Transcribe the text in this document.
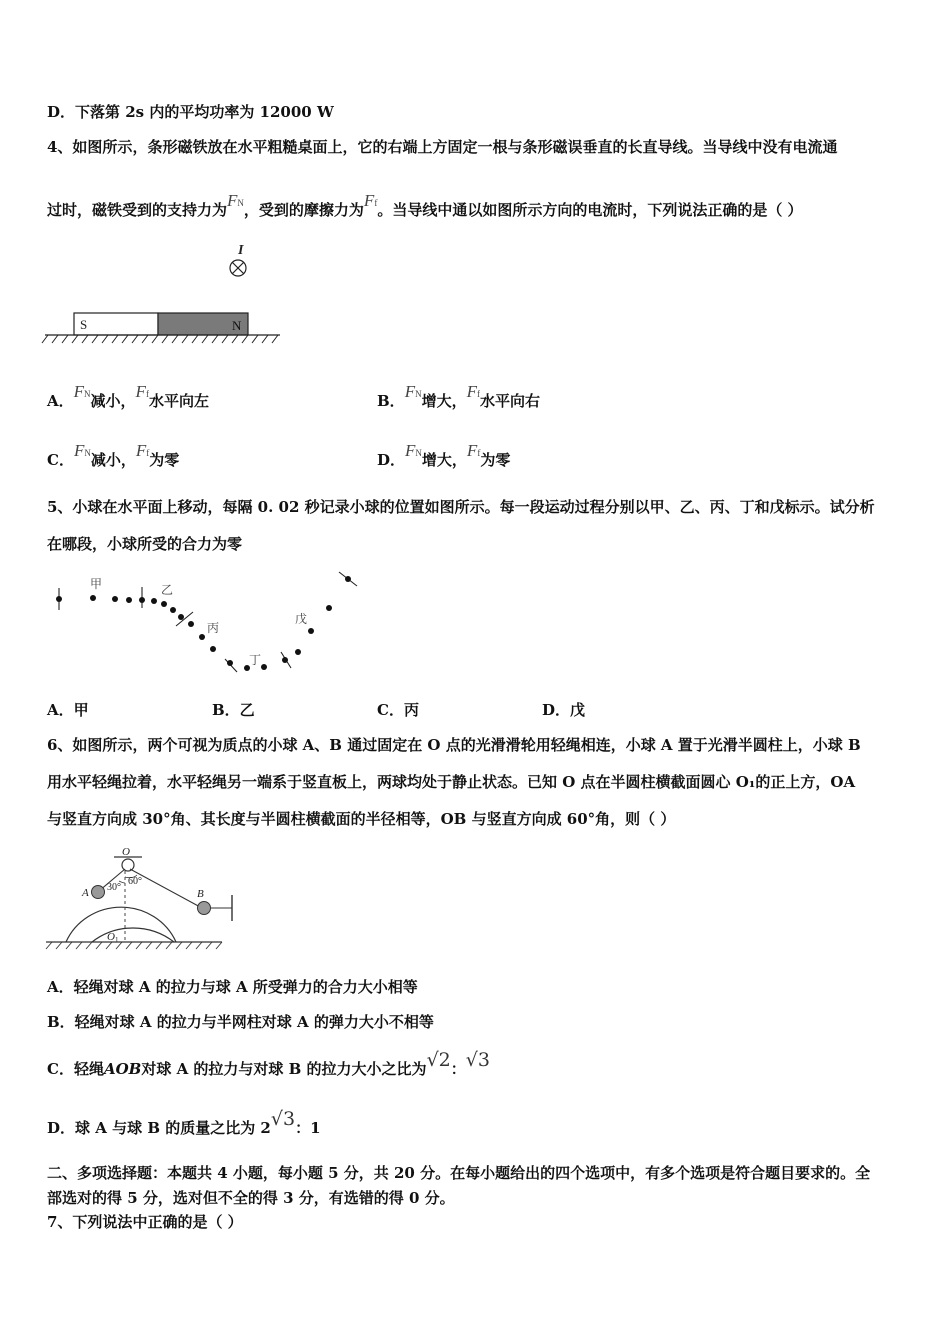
D．下落第 2s 内的平均功率为 12000 W
4、如图所示，条形磁铁放在水平粗糙桌面上，它的右端上方固定一根与条形磁误垂直的长直导线。当导线中没有电流通
过时，磁铁受到的支持力为FN，受到的摩擦力为Ff。当导线中通以如图所示方向的电流时，下列说法正确的是（ ）
I
S	N
A．FN减小，Ff水平向左	B．FN增大，Ff水平向右
C．FN减小，Ff为零	D．FN增大，Ff为零
5、小球在水平面上移动，每隔 0. 02 秒记录小球的位置如图所示。每一段运动过程分别以甲、乙、丙、丁和戊标示。试分析
在哪段，小球所受的合力为零
甲	乙
丙
丁
戊
A．甲	B．乙	C．丙	D．戊
6、如图所示，两个可视为质点的小球 A、B 通过固定在 O 点的光滑滑轮用轻绳相连，小球 A 置于光滑半圆柱上，小球 B
用水平轻绳拉着，水平轻绳另一端系于竖直板上，两球均处于静止状态。已知 O 点在半圆柱横截面圆心 O₁的正上方，OA
与竖直方向成 30°角、其长度与半圆柱横截面的半径相等，OB 与竖直方向成 60°角，则（ ）
O
A	B
O1
30°
60°
A．轻绳对球 A 的拉力与球 A 所受弹力的合力大小相等
B．轻绳对球 A 的拉力与半网柱对球 A 的弹力大小不相等
C．轻绳AOB对球 A 的拉力与对球 B 的拉力大小之比为√2：√3
D．球 A 与球 B 的质量之比为 2√3：1
二、多项选择题：本题共 4 小题，每小题 5 分，共 20 分。在每小题给出的四个选项中，有多个选项是符合题目要求的。全
部选对的得 5 分，选对但不全的得 3 分，有选错的得 0 分。
7、下列说法中正确的是（ ）
